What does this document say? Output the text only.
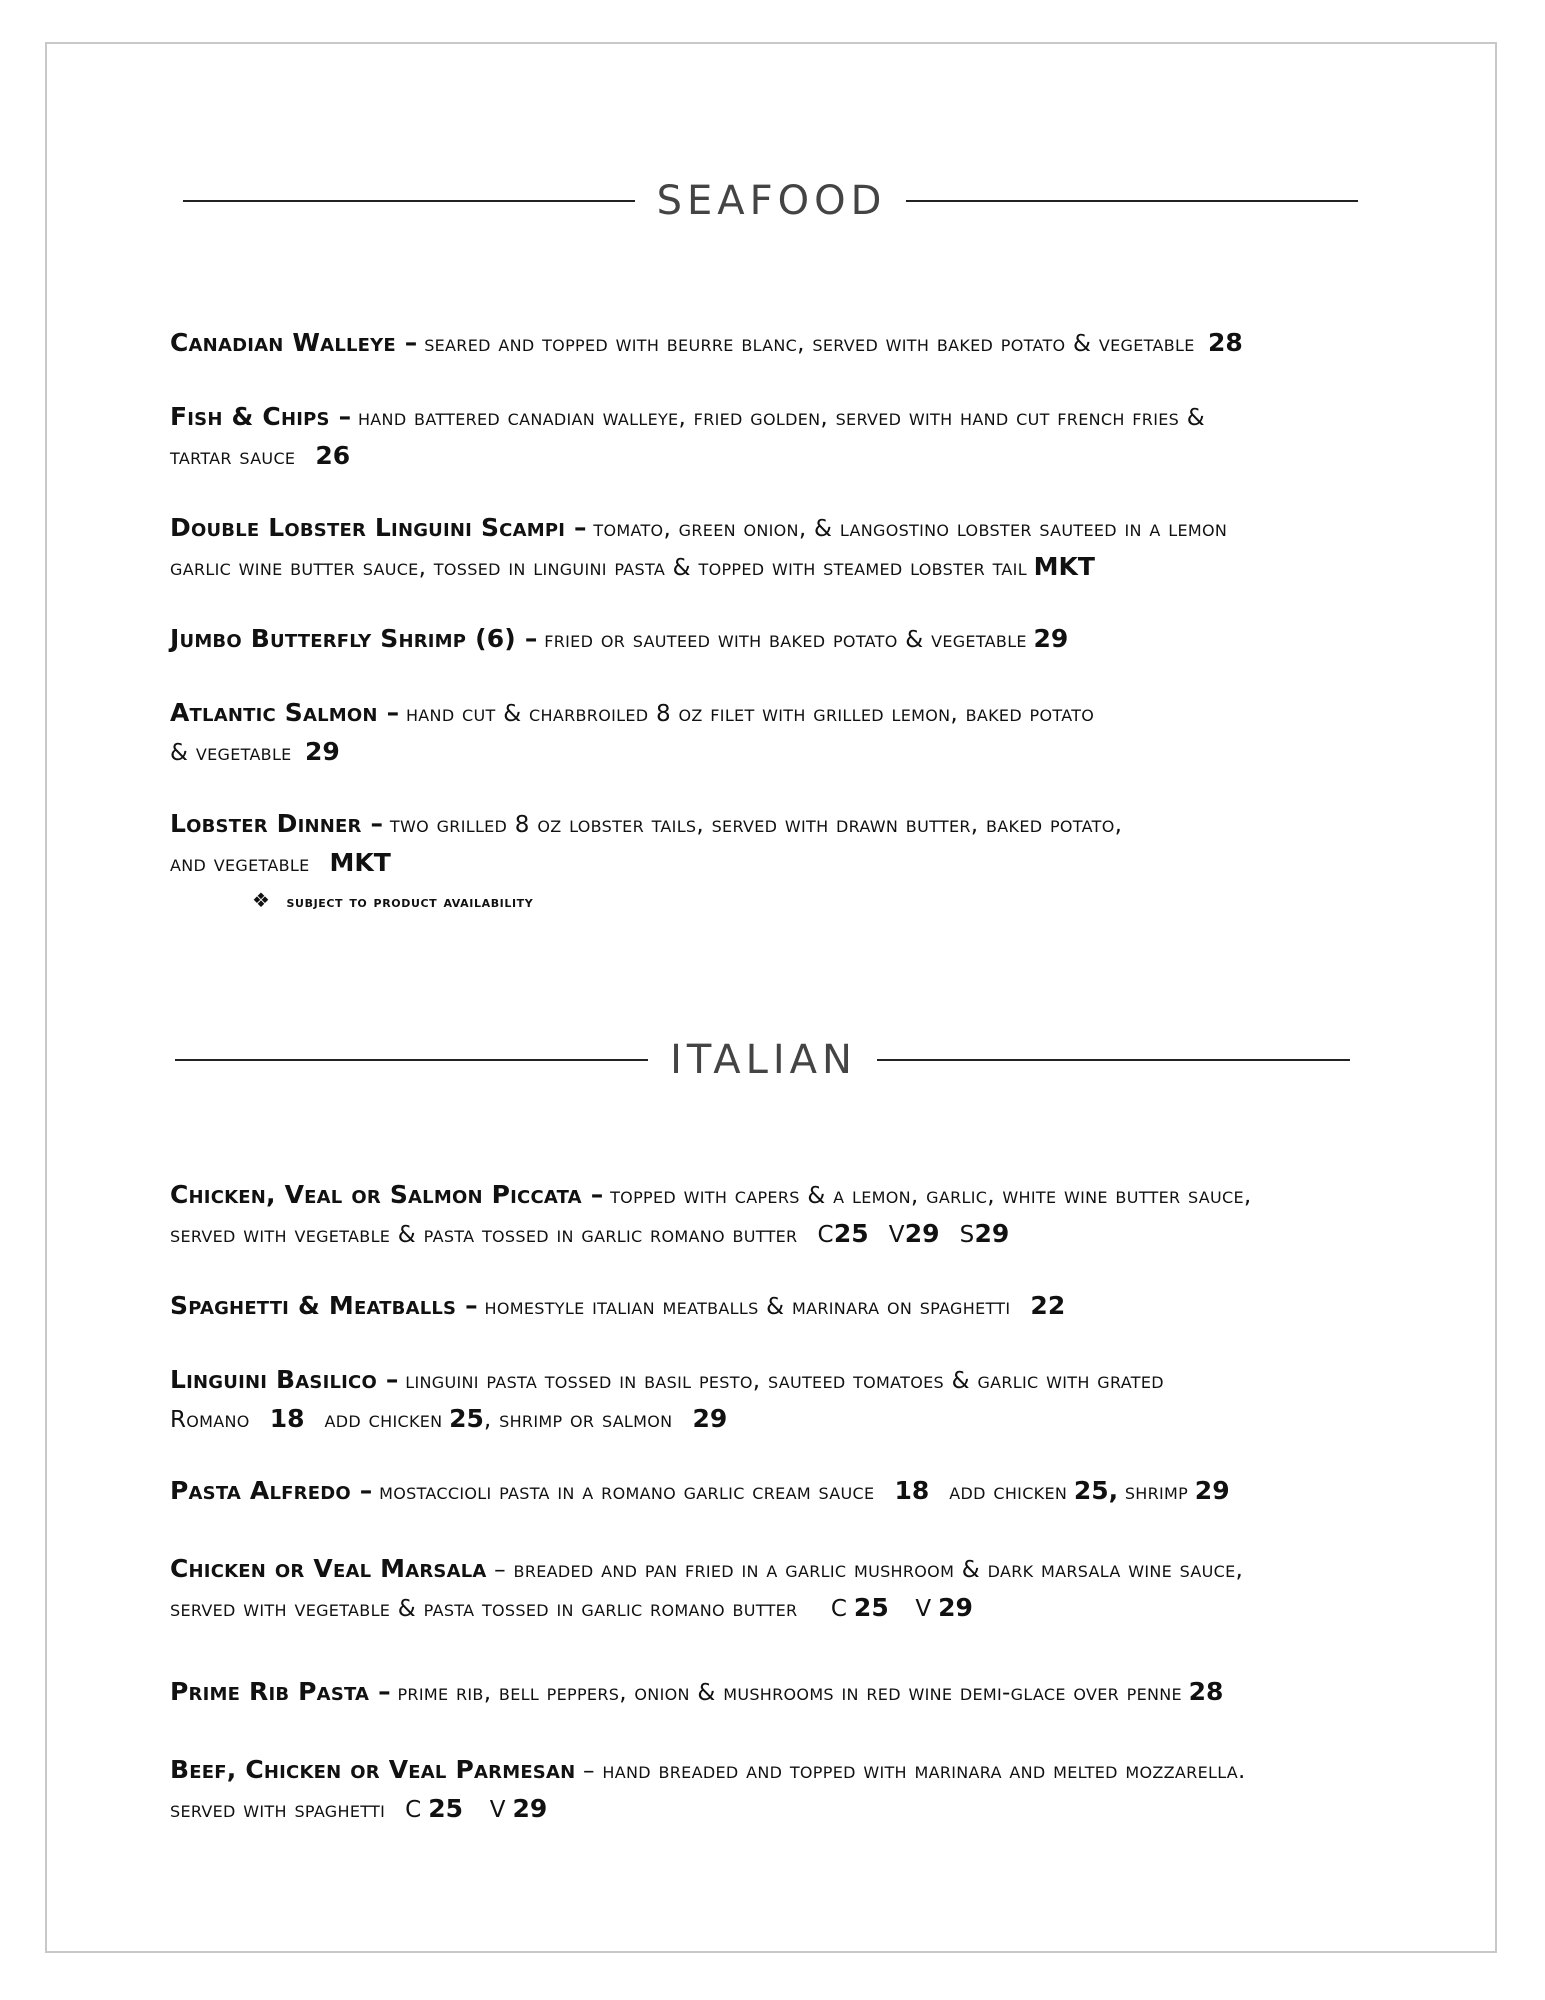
SEAFOOD
Canadian Walleye – seared and topped with beurre blanc, served with baked potato & vegetable 28
Fish & Chips – hand battered canadian walleye, fried golden, served with hand cut french fries &
tartar sauce 26
Double Lobster Linguini Scampi – tomato, green onion, & langostino lobster sauteed in a lemon
garlic wine butter sauce, tossed in linguini pasta & topped with steamed lobster tail MKT
Jumbo Butterfly Shrimp (6) – fried or sauteed with baked potato & vegetable 29
Atlantic Salmon – hand cut & charbroiled 8 oz filet with grilled lemon, baked potato
& vegetable 29
Lobster Dinner – two grilled 8 oz lobster tails, served with drawn butter, baked potato,
and vegetable MKT
❖ subject to product availability
ITALIAN
Chicken, Veal or Salmon Piccata – topped with capers & a lemon, garlic, white wine butter sauce,
served with vegetable & pasta tossed in garlic romano butter C25 V29 S29
Spaghetti & Meatballs – homestyle italian meatballs & marinara on spaghetti 22
Linguini Basilico – linguini pasta tossed in basil pesto, sauteed tomatoes & garlic with grated
Romano 18 add chicken 25, shrimp or salmon 29
Pasta Alfredo – mostaccioli pasta in a romano garlic cream sauce 18 add chicken 25, shrimp 29
Chicken or Veal Marsala – breaded and pan fried in a garlic mushroom & dark marsala wine sauce,
served with vegetable & pasta tossed in garlic romano butter C 25 V 29
Prime Rib Pasta – prime rib, bell peppers, onion & mushrooms in red wine demi-glace over penne 28
Beef, Chicken or Veal Parmesan – hand breaded and topped with marinara and melted mozzarella.
served with spaghetti C 25 V 29
